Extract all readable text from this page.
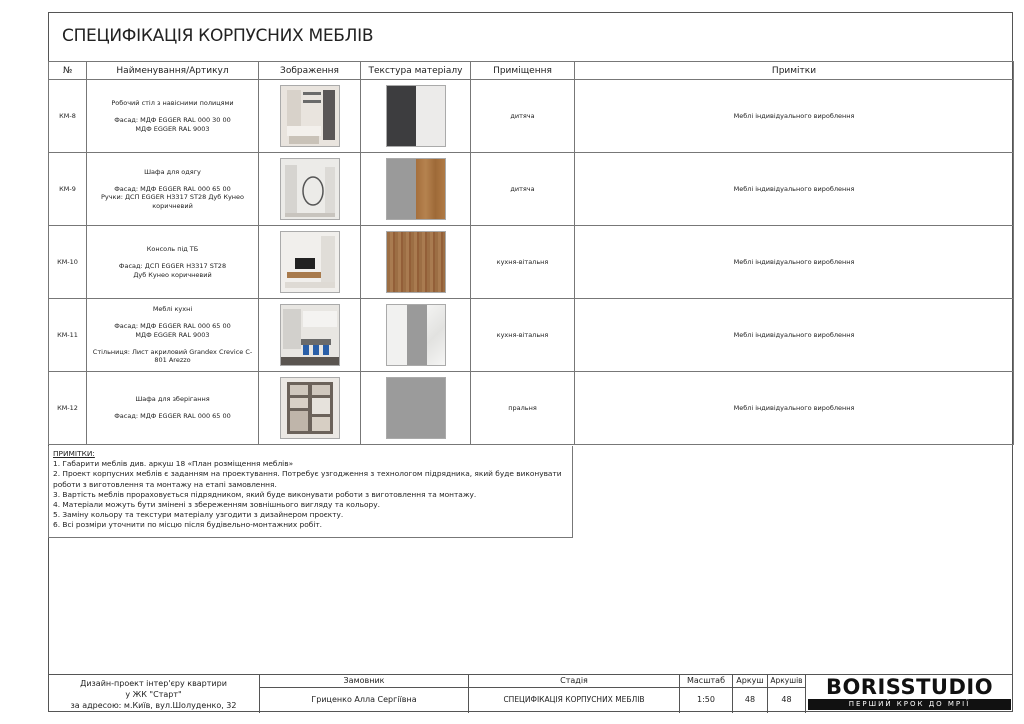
СПЕЦИФІКАЦІЯ КОРПУСНИХ МЕБЛІВ
№	Найменування/Артикул	Зображення	Текстура матеріалу	Приміщення	Примітки
КМ-8	Робочий стіл з навісними полицями

Фасад: МДФ EGGER RAL 000 30 00
МДФ EGGER RAL 9003			дитяча	Меблі індивідуального вироблення
КМ-9	Шафа для одягу

Фасад: МДФ EGGER RAL 000 65 00
Ручки: ДСП EGGER H3317 ST28 Дуб Кунео коричневий			дитяча	Меблі індивідуального вироблення
КМ-10	Консоль під ТБ

Фасад: ДСП EGGER H3317 ST28
Дуб Кунео коричневий			кухня-вітальня	Меблі індивідуального вироблення
КМ-11	Меблі кухні

Фасад: МДФ EGGER RAL 000 65 00
МДФ EGGER RAL 9003

Стільниця: Лист акриловий Grandex Crevice C-801 Arezzo			кухня-вітальня	Меблі індивідуального вироблення
КМ-12	Шафа для зберігання

Фасад: МДФ EGGER RAL 000 65 00			пральня	Меблі індивідуального вироблення
ПРИМІТКИ:
1. Габарити меблів див. аркуш 18 «План розміщення меблів»
2. Проект корпусних меблів є заданням на проектування. Потребує узгодження з технологом підрядника, який буде виконувати роботи з виготовлення та монтажу на етапі замовлення.
3. Вартість меблів прораховується підрядником, який буде виконувати роботи з виготовлення та монтажу.
4. Матеріали можуть бути змінені з збереженням зовнішнього вигляду та кольору.
5. Заміну кольору та текстури матеріалу узгодити з дизайнером проєкту.
6. Всі розміри уточнити по місцю після будівельно-монтажних робіт.
Дизайн-проект інтер'єру квартири
у ЖК "Старт"
за адресою: м.Київ, вул.Шолуденко, 32
Замовник
Гриценко Алла Сергіївна
Стадія
СПЕЦИФІКАЦІЯ КОРПУСНИХ МЕБЛІВ
Масштаб
1:50
Аркуш
48
Аркушів
48
BORISSTUDIO
ПЕРШИЙ КРОК ДО МРІЇ
